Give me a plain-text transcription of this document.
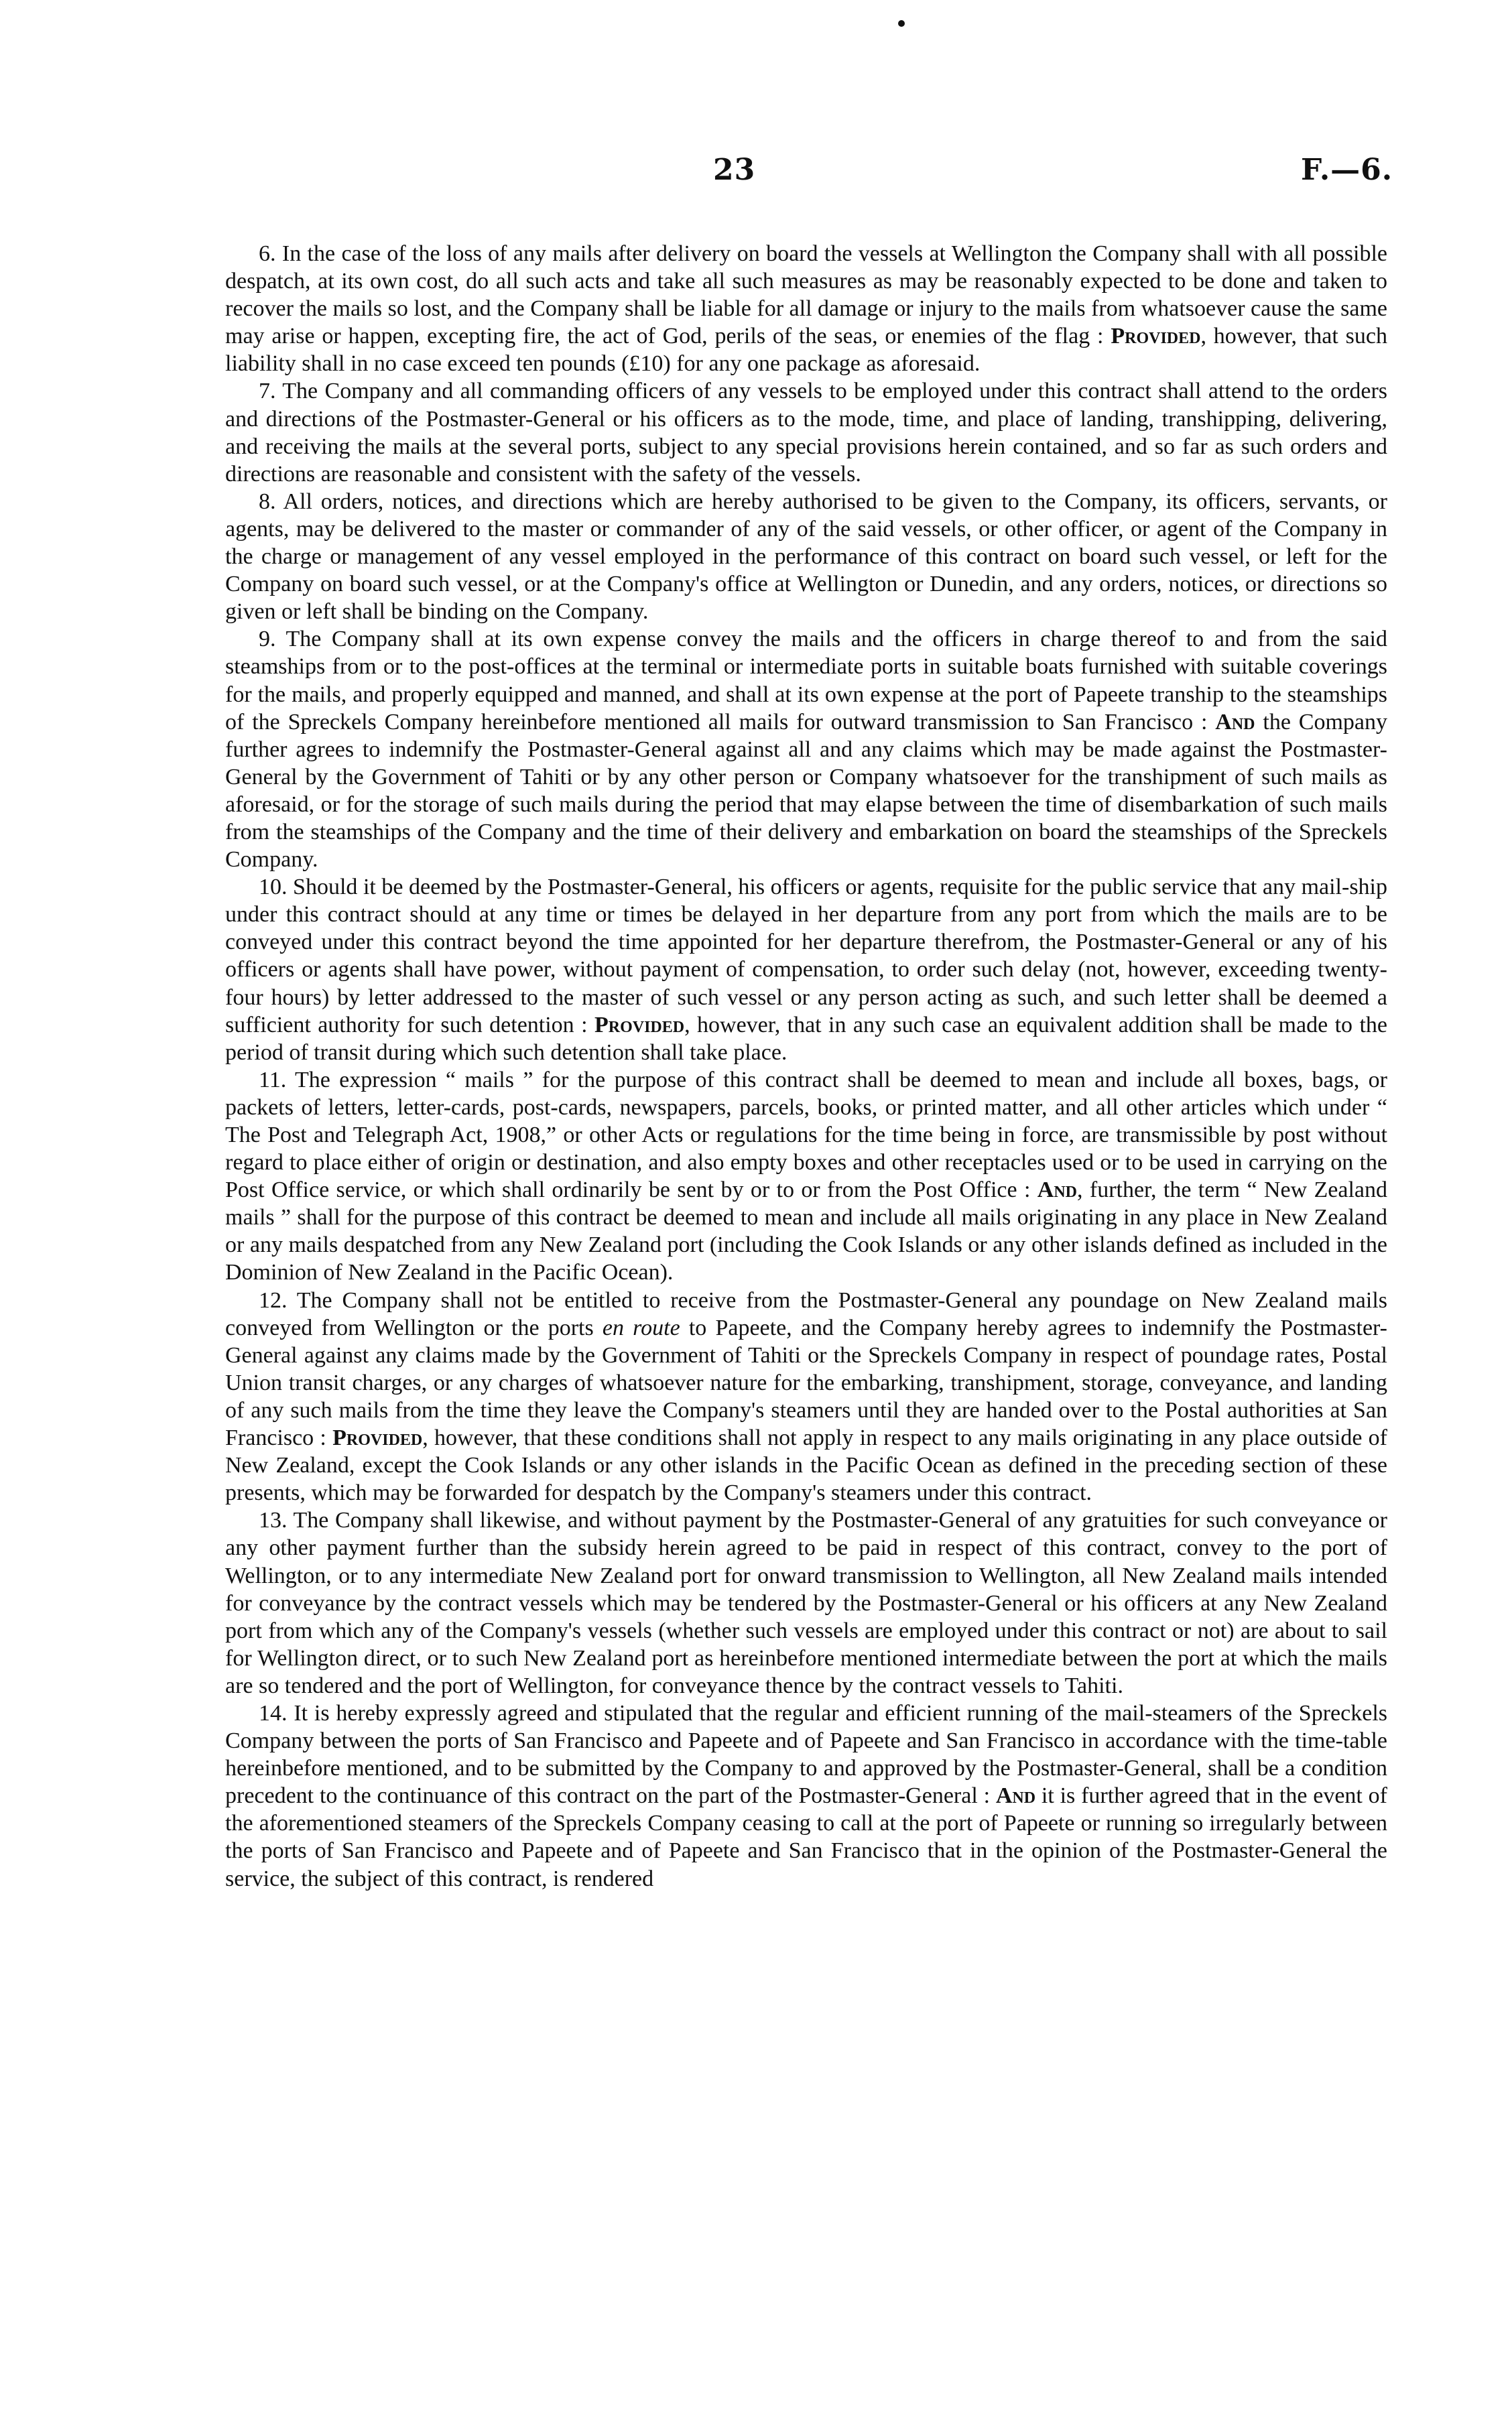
23	F.—6.

6. In the case of the loss of any mails after delivery on board the vessels at Wellington the Company shall with all possible despatch, at its own cost, do all such acts and take all such measures as may be reasonably expected to be done and taken to recover the mails so lost, and the Company shall be liable for all damage or injury to the mails from whatsoever cause the same may arise or happen, excepting fire, the act of God, perils of the seas, or enemies of the flag : Provided, however, that such liability shall in no case exceed ten pounds (£10) for any one package as aforesaid.

7. The Company and all commanding officers of any vessels to be employed under this contract shall attend to the orders and directions of the Postmaster-General or his officers as to the mode, time, and place of landing, transhipping, delivering, and receiving the mails at the several ports, subject to any special provisions herein contained, and so far as such orders and directions are reasonable and consistent with the safety of the vessels.

8. All orders, notices, and directions which are hereby authorised to be given to the Company, its officers, servants, or agents, may be delivered to the master or commander of any of the said vessels, or other officer, or agent of the Company in the charge or management of any vessel employed in the performance of this contract on board such vessel, or left for the Company on board such vessel, or at the Company's office at Wellington or Dunedin, and any orders, notices, or directions so given or left shall be binding on the Company.

9. The Company shall at its own expense convey the mails and the officers in charge thereof to and from the said steamships from or to the post-offices at the terminal or intermediate ports in suitable boats furnished with suitable coverings for the mails, and properly equipped and manned, and shall at its own expense at the port of Papeete tranship to the steamships of the Spreckels Company hereinbefore mentioned all mails for outward transmission to San Francisco : And the Company further agrees to indemnify the Postmaster-General against all and any claims which may be made against the Postmaster-General by the Government of Tahiti or by any other person or Company whatsoever for the transhipment of such mails as aforesaid, or for the storage of such mails during the period that may elapse between the time of disembarkation of such mails from the steamships of the Company and the time of their delivery and embarkation on board the steamships of the Spreckels Company.

10. Should it be deemed by the Postmaster-General, his officers or agents, requisite for the public service that any mail-ship under this contract should at any time or times be delayed in her departure from any port from which the mails are to be conveyed under this contract beyond the time appointed for her departure therefrom, the Postmaster-General or any of his officers or agents shall have power, without payment of compensation, to order such delay (not, however, exceeding twenty-four hours) by letter addressed to the master of such vessel or any person acting as such, and such letter shall be deemed a sufficient authority for such detention : Provided, however, that in any such case an equivalent addition shall be made to the period of transit during which such detention shall take place.

11. The expression “ mails ” for the purpose of this contract shall be deemed to mean and include all boxes, bags, or packets of letters, letter-cards, post-cards, newspapers, parcels, books, or printed matter, and all other articles which under “ The Post and Telegraph Act, 1908,” or other Acts or regulations for the time being in force, are transmissible by post without regard to place either of origin or destination, and also empty boxes and other receptacles used or to be used in carrying on the Post Office service, or which shall ordinarily be sent by or to or from the Post Office : And, further, the term “ New Zealand mails ” shall for the purpose of this contract be deemed to mean and include all mails originating in any place in New Zealand or any mails despatched from any New Zealand port (including the Cook Islands or any other islands defined as included in the Dominion of New Zealand in the Pacific Ocean).

12. The Company shall not be entitled to receive from the Postmaster-General any poundage on New Zealand mails conveyed from Wellington or the ports en route to Papeete, and the Company hereby agrees to indemnify the Postmaster-General against any claims made by the Government of Tahiti or the Spreckels Company in respect of poundage rates, Postal Union transit charges, or any charges of whatsoever nature for the embarking, transhipment, storage, conveyance, and landing of any such mails from the time they leave the Company's steamers until they are handed over to the Postal authorities at San Francisco : Provided, however, that these conditions shall not apply in respect to any mails originating in any place outside of New Zealand, except the Cook Islands or any other islands in the Pacific Ocean as defined in the preceding section of these presents, which may be forwarded for despatch by the Company's steamers under this contract.

13. The Company shall likewise, and without payment by the Postmaster-General of any gratuities for such conveyance or any other payment further than the subsidy herein agreed to be paid in respect of this contract, convey to the port of Wellington, or to any intermediate New Zealand port for onward transmission to Wellington, all New Zealand mails intended for conveyance by the contract vessels which may be tendered by the Postmaster-General or his officers at any New Zealand port from which any of the Company's vessels (whether such vessels are employed under this contract or not) are about to sail for Wellington direct, or to such New Zealand port as hereinbefore mentioned intermediate between the port at which the mails are so tendered and the port of Wellington, for conveyance thence by the contract vessels to Tahiti.

14. It is hereby expressly agreed and stipulated that the regular and efficient running of the mail-steamers of the Spreckels Company between the ports of San Francisco and Papeete and of Papeete and San Francisco in accordance with the time-table hereinbefore mentioned, and to be submitted by the Company to and approved by the Postmaster-General, shall be a condition precedent to the continuance of this contract on the part of the Postmaster-General : And it is further agreed that in the event of the aforementioned steamers of the Spreckels Company ceasing to call at the port of Papeete or running so irregularly between the ports of San Francisco and Papeete and of Papeete and San Francisco that in the opinion of the Postmaster-General the service, the subject of this contract, is rendered
